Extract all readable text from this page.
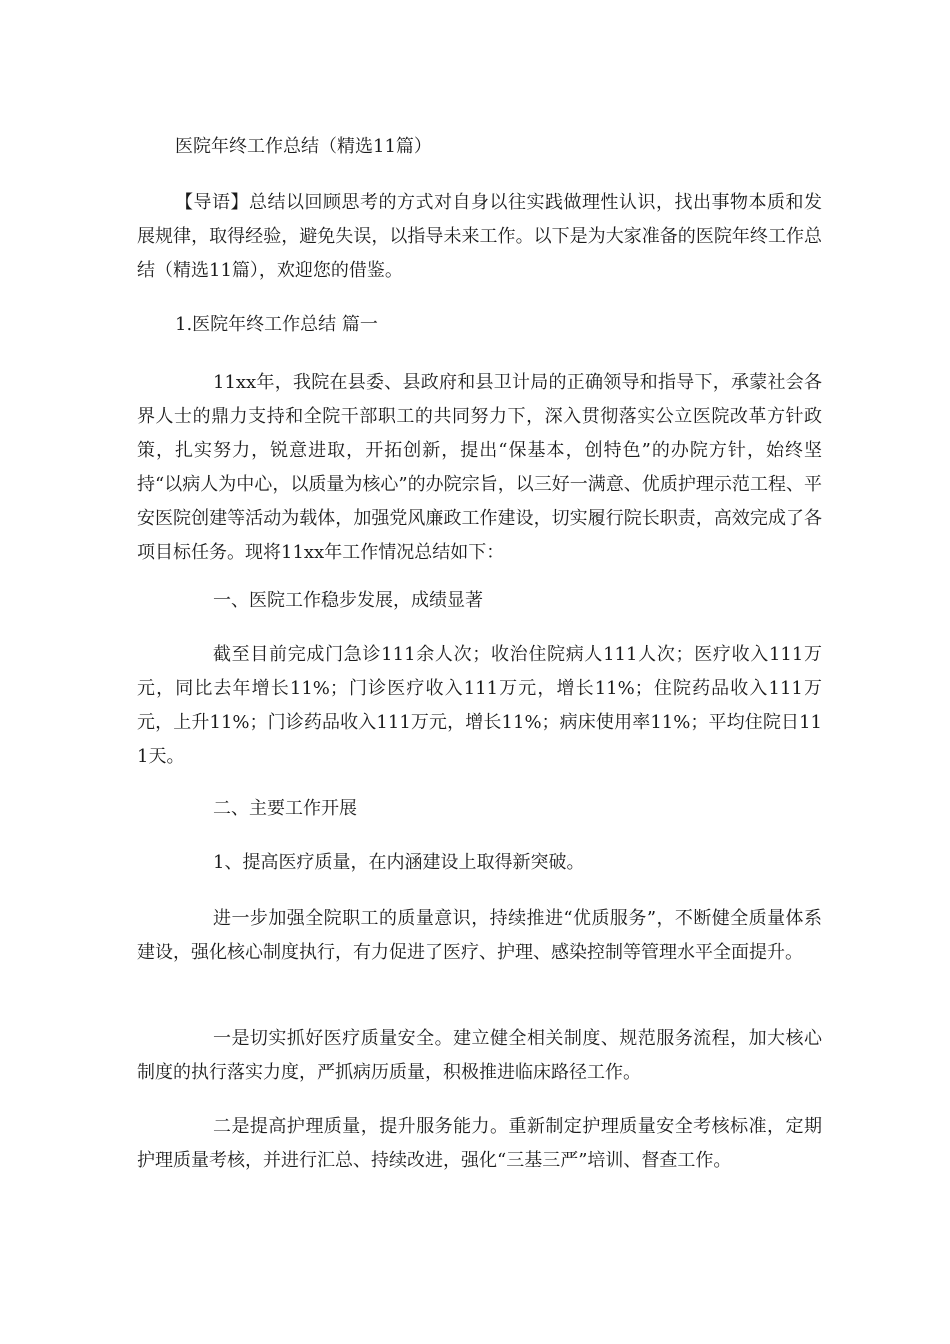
医院年终工作总结（精选11篇）

【导语】总结以回顾思考的方式对自身以往实践做理性认识，找出事物本质和发展规律，取得经验，避免失误，以指导未来工作。以下是为大家准备的医院年终工作总结（精选11篇），欢迎您的借鉴。

1.医院年终工作总结 篇一

11xx年，我院在县委、县政府和县卫计局的正确领导和指导下，承蒙社会各界人士的鼎力支持和全院干部职工的共同努力下，深入贯彻落实公立医院改革方针政策，扎实努力，锐意进取，开拓创新，提出“保基本，创特色”的办院方针，始终坚持“以病人为中心，以质量为核心”的办院宗旨，以三好一满意、优质护理示范工程、平安医院创建等活动为载体，加强党风廉政工作建设，切实履行院长职责，高效完成了各项目标任务。现将11xx年工作情况总结如下：

一、医院工作稳步发展，成绩显著

截至目前完成门急诊111余人次；收治住院病人111人次；医疗收入111万元，同比去年增长11%；门诊医疗收入111万元，增长11%；住院药品收入111万元，上升11%；门诊药品收入111万元，增长11%；病床使用率11%；平均住院日111天。

二、主要工作开展

1、提高医疗质量，在内涵建设上取得新突破。

进一步加强全院职工的质量意识，持续推进“优质服务”，不断健全质量体系建设，强化核心制度执行，有力促进了医疗、护理、感染控制等管理水平全面提升。

一是切实抓好医疗质量安全。建立健全相关制度、规范服务流程，加大核心制度的执行落实力度，严抓病历质量，积极推进临床路径工作。

二是提高护理质量，提升服务能力。重新制定护理质量安全考核标准，定期护理质量考核，并进行汇总、持续改进，强化“三基三严”培训、督查工作。
